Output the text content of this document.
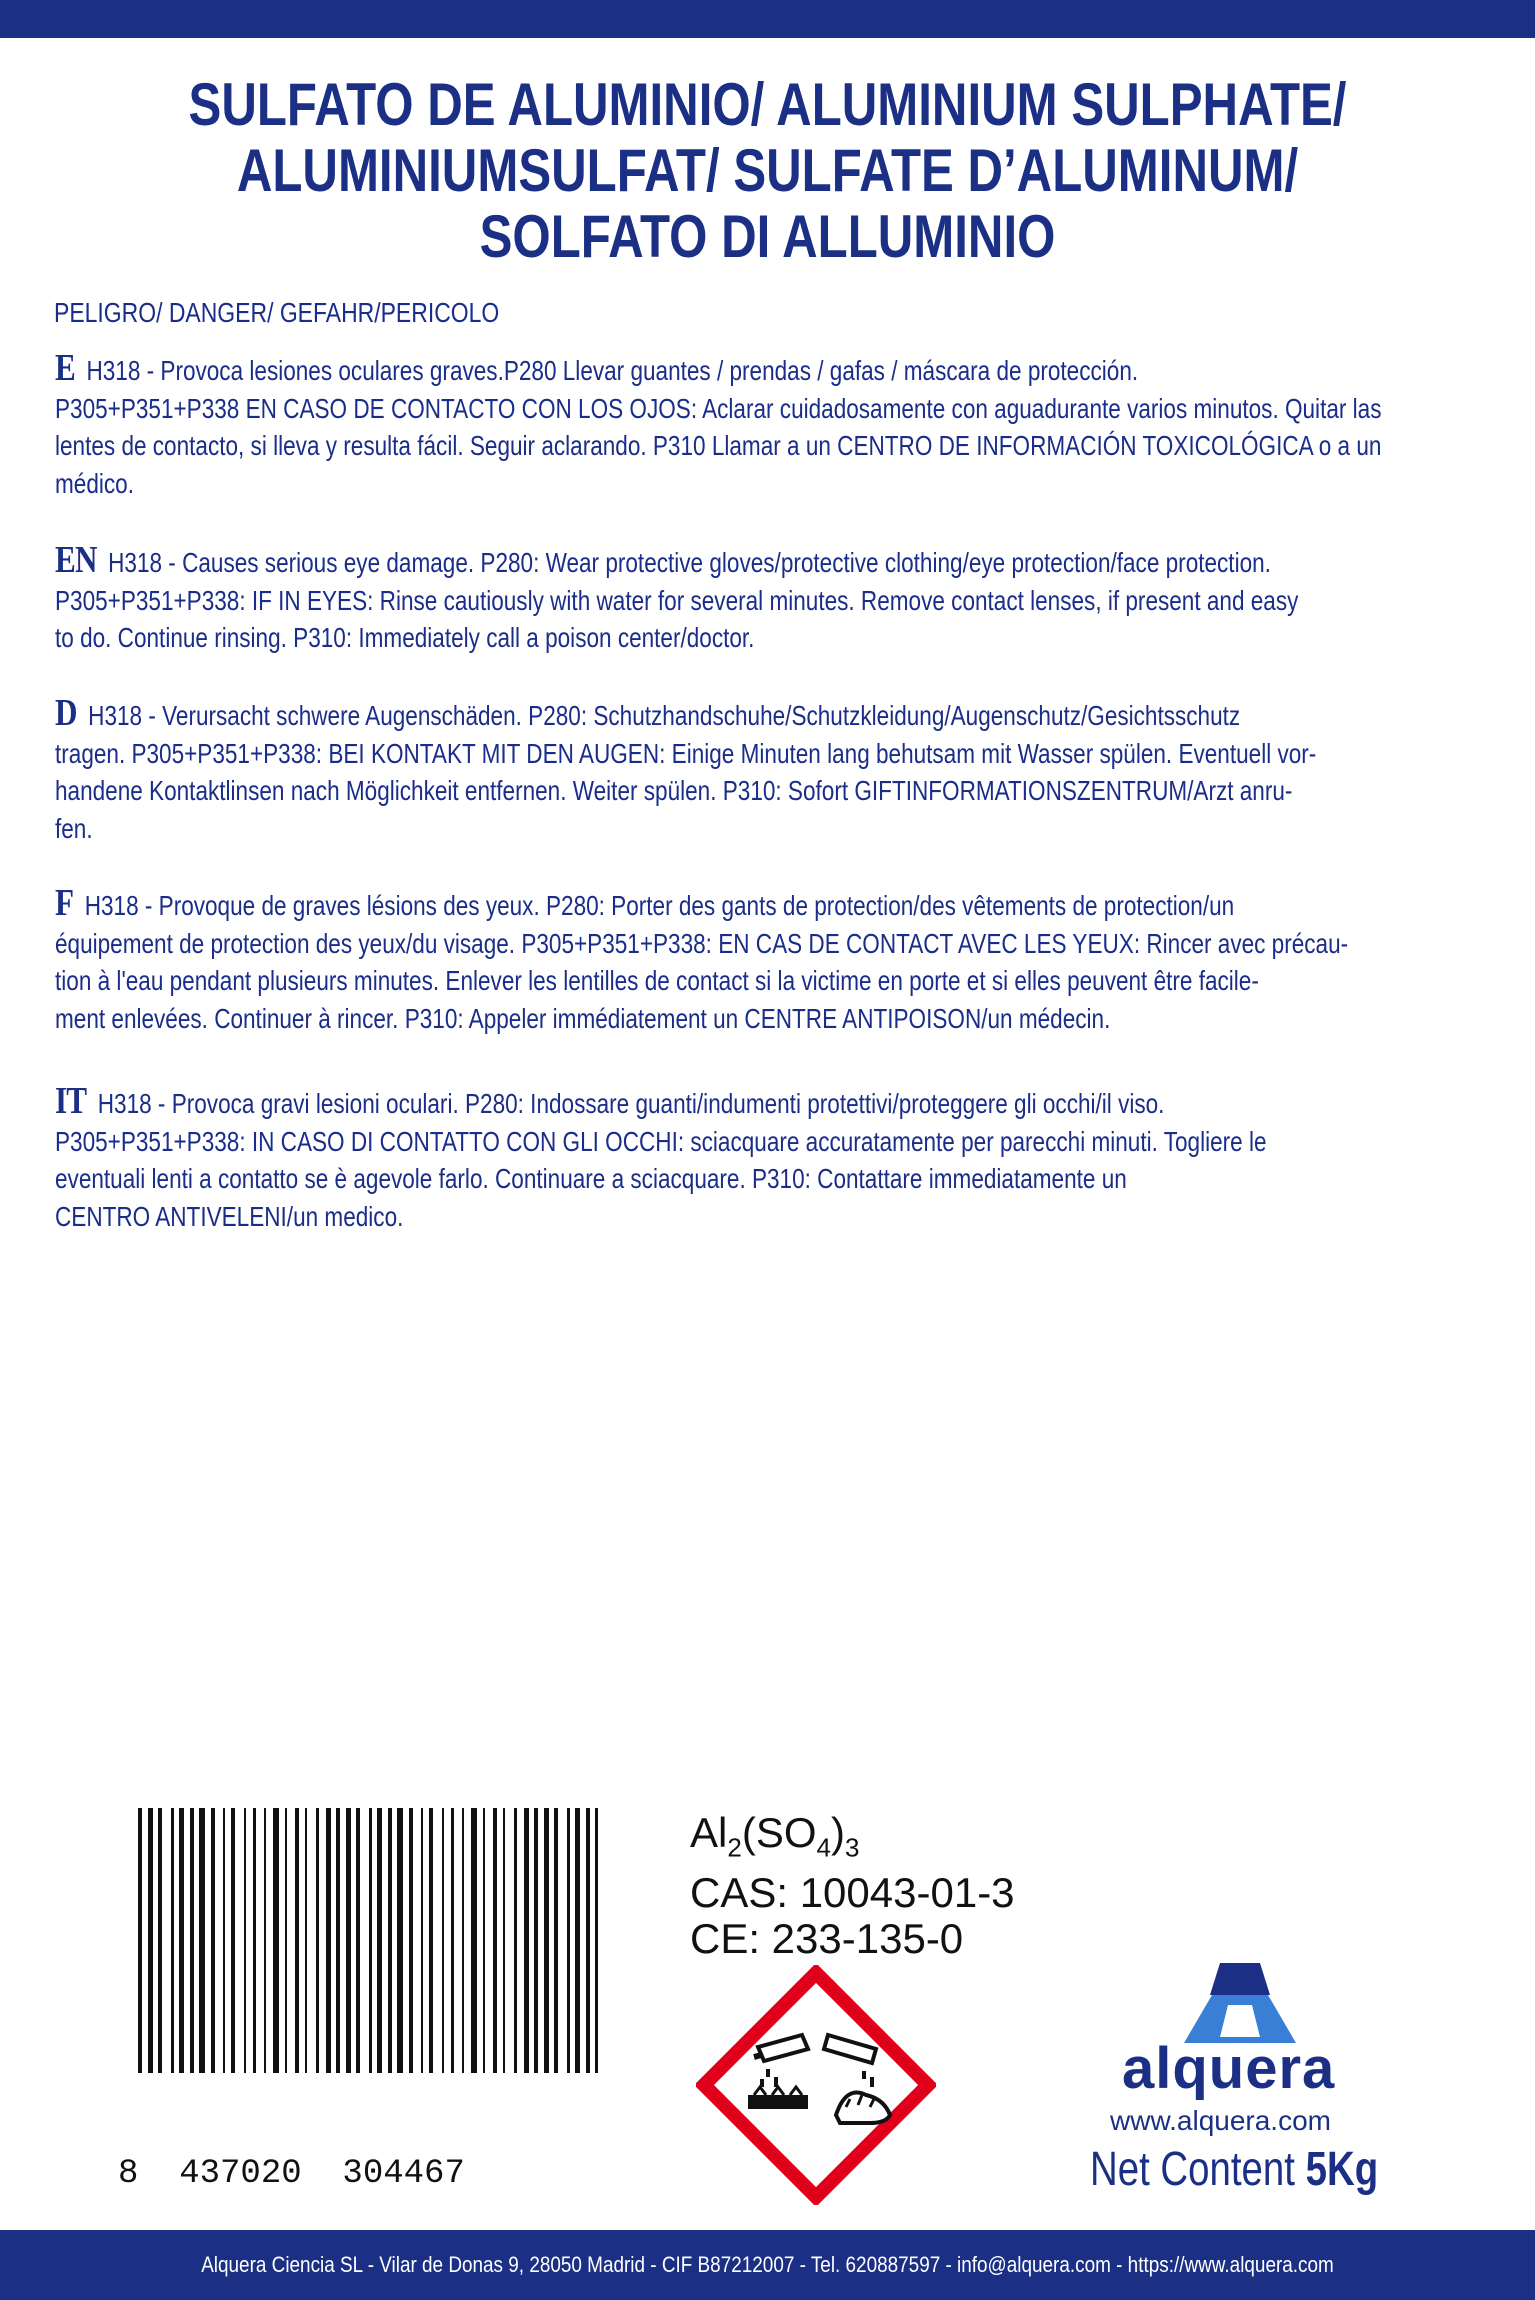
SULFATO DE ALUMINIO/ ALUMINIUM SULPHATE/
ALUMINIUMSULFAT/ SULFATE D’ALUMINUM/
SOLFATO DI ALLUMINIO
PELIGRO/ DANGER/ GEFAHR/PERICOLO
E H318 - Provoca lesiones oculares graves.P280 Llevar guantes / prendas / gafas / máscara de protección.
P305+P351+P338 EN CASO DE CONTACTO CON LOS OJOS: Aclarar cuidadosamente con aguadurante varios minutos. Quitar las
lentes de contacto, si lleva y resulta fácil. Seguir aclarando. P310 Llamar a un CENTRO DE INFORMACIÓN TOXICOLÓGICA o a un
médico.
EN H318 - Causes serious eye damage. P280: Wear protective gloves/protective clothing/eye protection/face protection.
P305+P351+P338: IF IN EYES: Rinse cautiously with water for several minutes. Remove contact lenses, if present and easy
to do. Continue rinsing. P310: Immediately call a poison center/doctor.
D H318 - Verursacht schwere Augenschäden. P280: Schutzhandschuhe/Schutzkleidung/Augenschutz/Gesichtsschutz
tragen. P305+P351+P338: BEI KONTAKT MIT DEN AUGEN: Einige Minuten lang behutsam mit Wasser spülen. Eventuell vor-
handene Kontaktlinsen nach Möglichkeit entfernen. Weiter spülen. P310: Sofort GIFTINFORMATIONSZENTRUM/Arzt anru-
fen.
F H318 - Provoque de graves lésions des yeux. P280: Porter des gants de protection/des vêtements de protection/un
équipement de protection des yeux/du visage. P305+P351+P338: EN CAS DE CONTACT AVEC LES YEUX: Rincer avec précau-
tion à l'eau pendant plusieurs minutes. Enlever les lentilles de contact si la victime en porte et si elles peuvent être facile-
ment enlevées. Continuer à rincer. P310: Appeler immédiatement un CENTRE ANTIPOISON/un médecin.
IT H318 - Provoca gravi lesioni oculari. P280: Indossare guanti/indumenti protettivi/proteggere gli occhi/il viso.
P305+P351+P338: IN CASO DI CONTATTO CON GLI OCCHI: sciacquare accuratamente per parecchi minuti. Togliere le
eventuali lenti a contatto se è agevole farlo. Continuare a sciacquare. P310: Contattare immediatamente un
CENTRO ANTIVELENI/un medico.
8  437020  304467
$Al_2(SO_4)_3$
CAS: 10043-01-3
CE: 233-135-0
alquera
www.alquera.com
Net Content 5Kg
Alquera Ciencia SL - Vilar de Donas 9, 28050 Madrid - CIF B87212007 - Tel. 620887597 - info@alquera.com - https://www.alquera.com
